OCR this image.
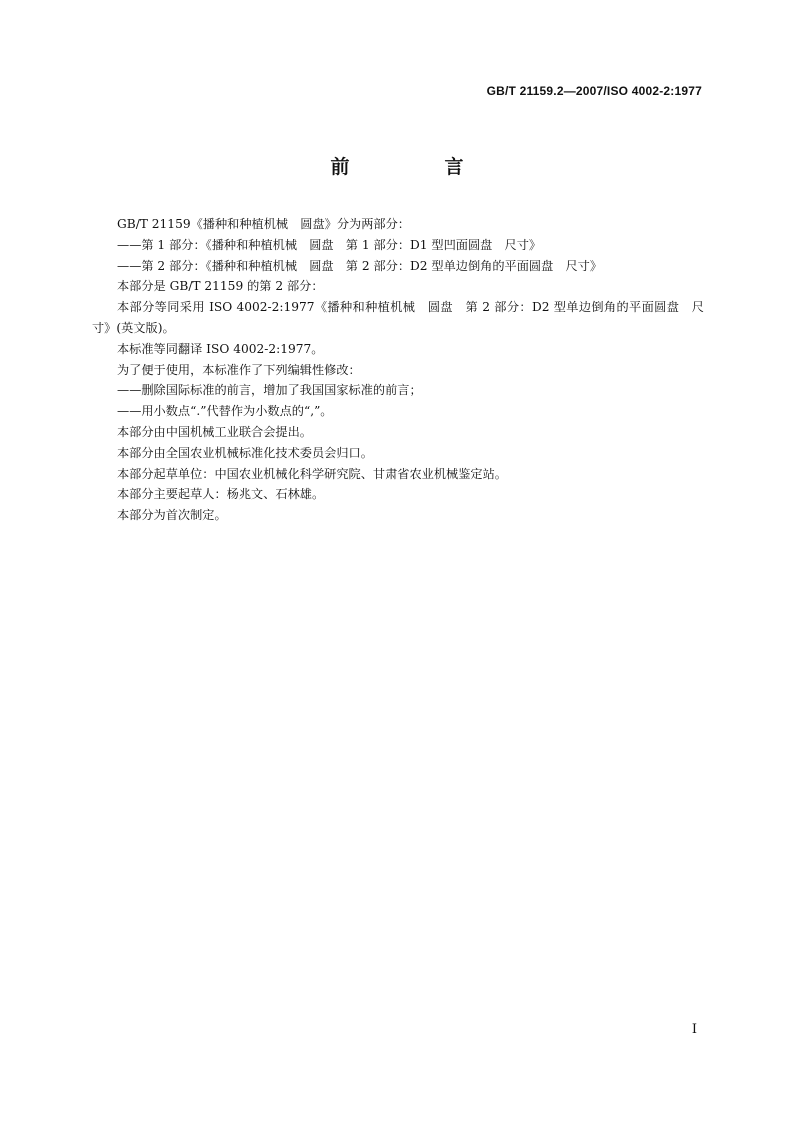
GB/T 21159.2—2007/ISO 4002-2:1977
前　言

GB/T 21159《播种和种植机械　圆盘》分为两部分：

——第 1 部分：《播种和种植机械　圆盘　第 1 部分：D1 型凹面圆盘　尺寸》

——第 2 部分：《播种和种植机械　圆盘　第 2 部分：D2 型单边倒角的平面圆盘　尺寸》

本部分是 GB/T 21159 的第 2 部分：

本部分等同采用 ISO 4002-2:1977《播种和种植机械　圆盘　第 2 部分：D2 型单边倒角的平面圆盘　尺寸》(英文版)。

本标准等同翻译 ISO 4002-2:1977。

为了便于使用，本标准作了下列编辑性修改：

——删除国际标准的前言，增加了我国国家标准的前言；

——用小数点“.”代替作为小数点的“,”。

本部分由中国机械工业联合会提出。

本部分由全国农业机械标准化技术委员会归口。

本部分起草单位：中国农业机械化科学研究院、甘肃省农业机械鉴定站。

本部分主要起草人：杨兆文、石林雄。

本部分为首次制定。

I
